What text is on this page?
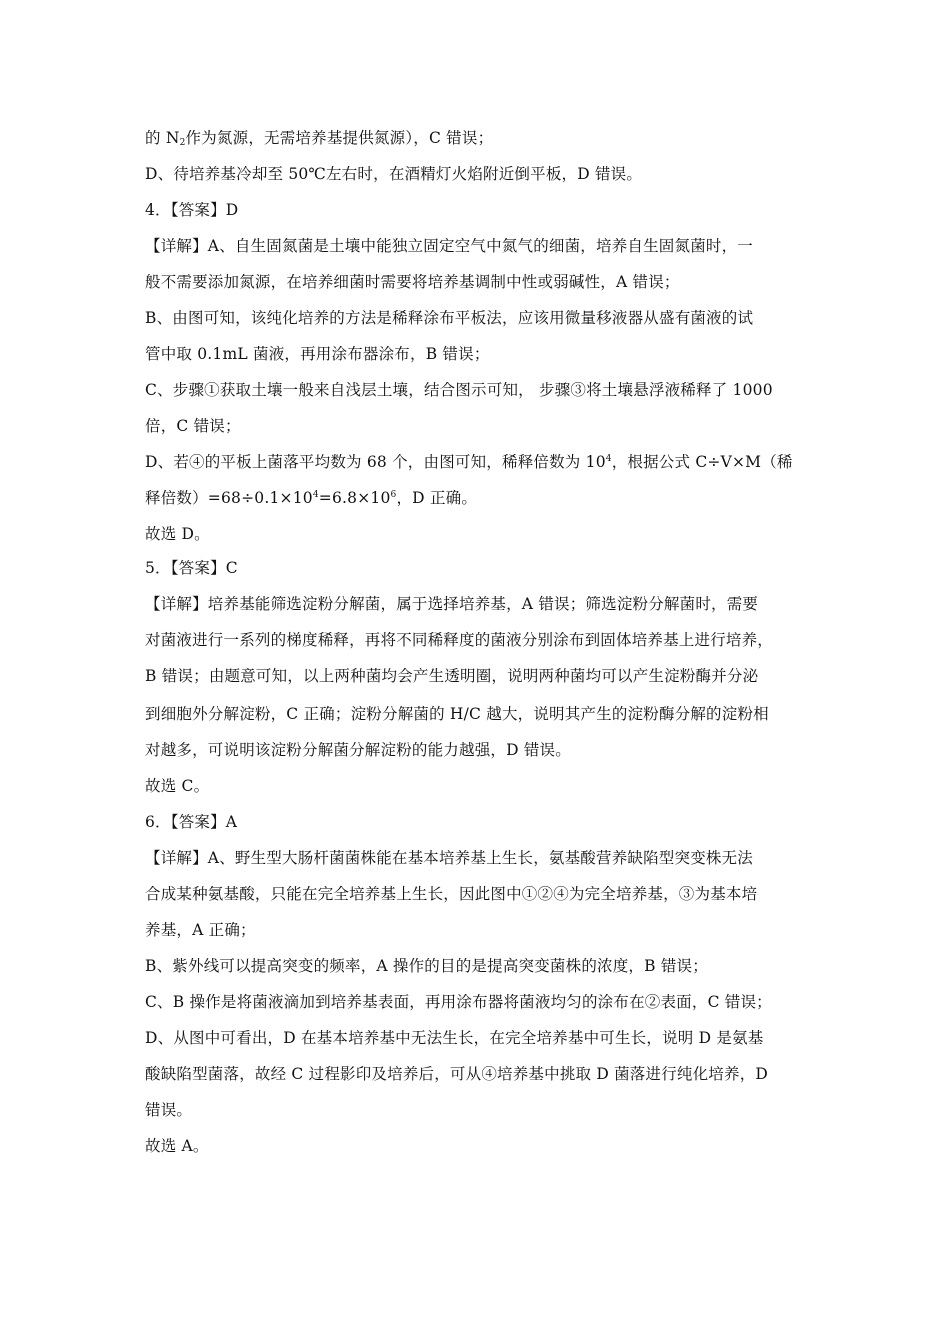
的 $N_2$作为氮源，无需培养基提供氮源），C 错误；
D、待培养基冷却至 50℃左右时，在酒精灯火焰附近倒平板，D 错误。
4．【答案】D
【详解】A、自生固氮菌是土壤中能独立固定空气中氮气的细菌，培养自生固氮菌时，一
般不需要添加氮源，在培养细菌时需要将培养基调制中性或弱碱性，A 错误；
B、由图可知，该纯化培养的方法是稀释涂布平板法，应该用微量移液器从盛有菌液的试
管中取 0.1mL 菌液，再用涂布器涂布，B 错误；
C、步骤①获取土壤一般来自浅层土壤，结合图示可知， 步骤③将土壤悬浮液稀释了 1000
倍，C 错误；
D、若④的平板上菌落平均数为 68 个，由图可知，稀释倍数为 $10^4$，根据公式 C÷V×M（稀
释倍数）$=68\div 0.1\times 10^4=6.8\times 10^6$，D 正确。
故选 D。
5．【答案】C
【详解】培养基能筛选淀粉分解菌，属于选择培养基，A 错误；筛选淀粉分解菌时，需要
对菌液进行一系列的梯度稀释，再将不同稀释度的菌液分别涂布到固体培养基上进行培养，
B 错误；由题意可知，以上两种菌均会产生透明圈，说明两种菌均可以产生淀粉酶并分泌
到细胞外分解淀粉，C 正确；淀粉分解菌的 H/C 越大，说明其产生的淀粉酶分解的淀粉相
对越多，可说明该淀粉分解菌分解淀粉的能力越强，D 错误。
故选 C。
6．【答案】A
【详解】A、野生型大肠杆菌菌株能在基本培养基上生长，氨基酸营养缺陷型突变株无法
合成某种氨基酸，只能在完全培养基上生长，因此图中①②④为完全培养基，③为基本培
养基，A 正确；
B、紫外线可以提高突变的频率，A 操作的目的是提高突变菌株的浓度，B 错误；
C、B 操作是将菌液滴加到培养基表面，再用涂布器将菌液均匀的涂布在②表面，C 错误；
D、从图中可看出，D 在基本培养基中无法生长，在完全培养基中可生长，说明 D 是氨基
酸缺陷型菌落，故经 C 过程影印及培养后，可从④培养基中挑取 D 菌落进行纯化培养，D
错误。
故选 A。
